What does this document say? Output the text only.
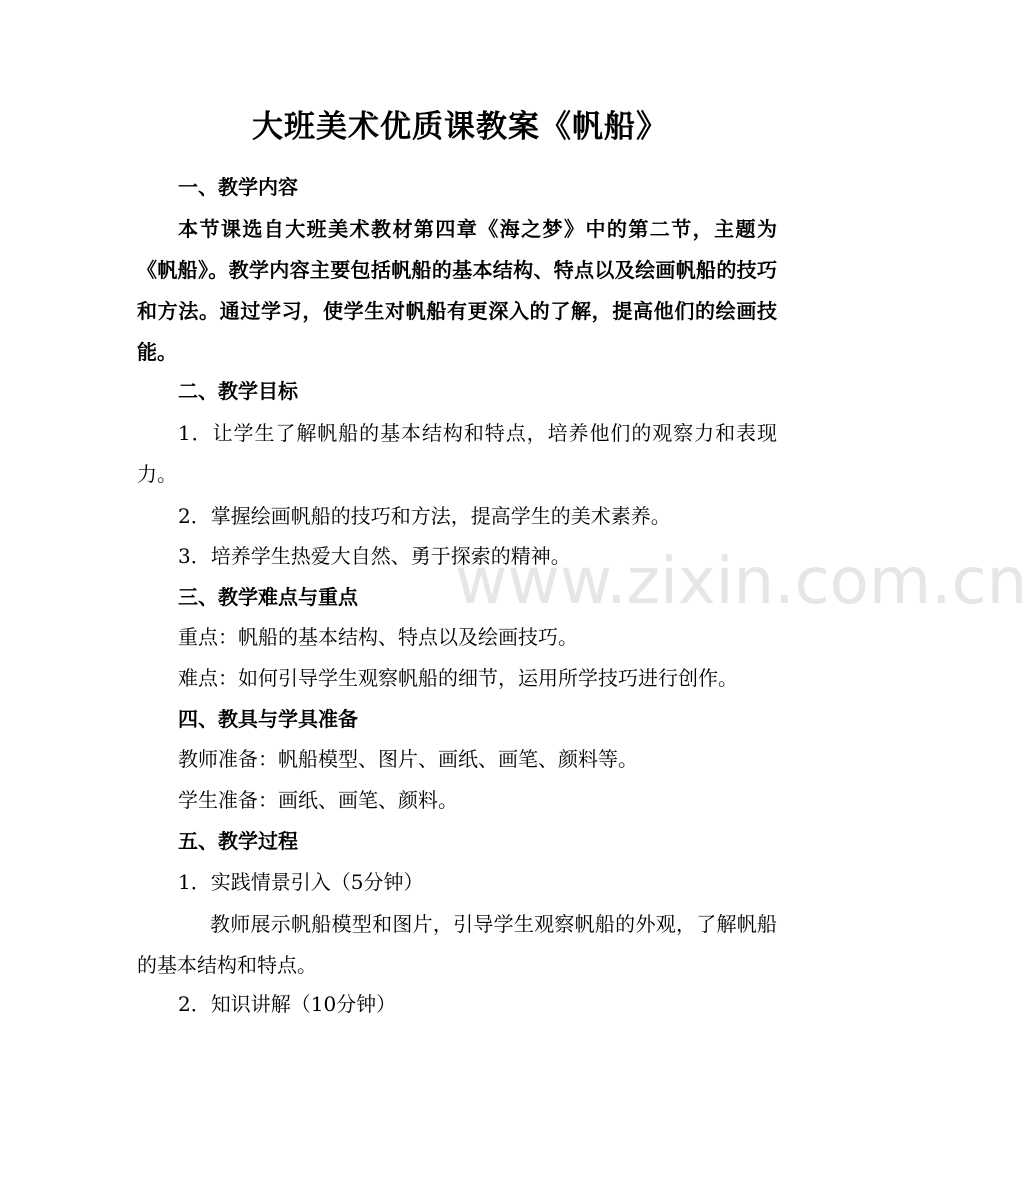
www.zixin.com.cn
大班美术优质课教案《帆船》

一、教学内容

本节课选自大班美术教材第四章《海之梦》中的第二节，主题为《帆船》。教学内容主要包括帆船的基本结构、特点以及绘画帆船的技巧和方法。通过学习，使学生对帆船有更深入的了解，提高他们的绘画技能。

二、教学目标

1．让学生了解帆船的基本结构和特点，培养他们的观察力和表现力。

2．掌握绘画帆船的技巧和方法，提高学生的美术素养。

3．培养学生热爱大自然、勇于探索的精神。

三、教学难点与重点

重点：帆船的基本结构、特点以及绘画技巧。

难点：如何引导学生观察帆船的细节，运用所学技巧进行创作。

四、教具与学具准备

教师准备：帆船模型、图片、画纸、画笔、颜料等。

学生准备：画纸、画笔、颜料。

五、教学过程

1．实践情景引入（5分钟）

教师展示帆船模型和图片，引导学生观察帆船的外观，了解帆船的基本结构和特点。

2．知识讲解（10分钟）
